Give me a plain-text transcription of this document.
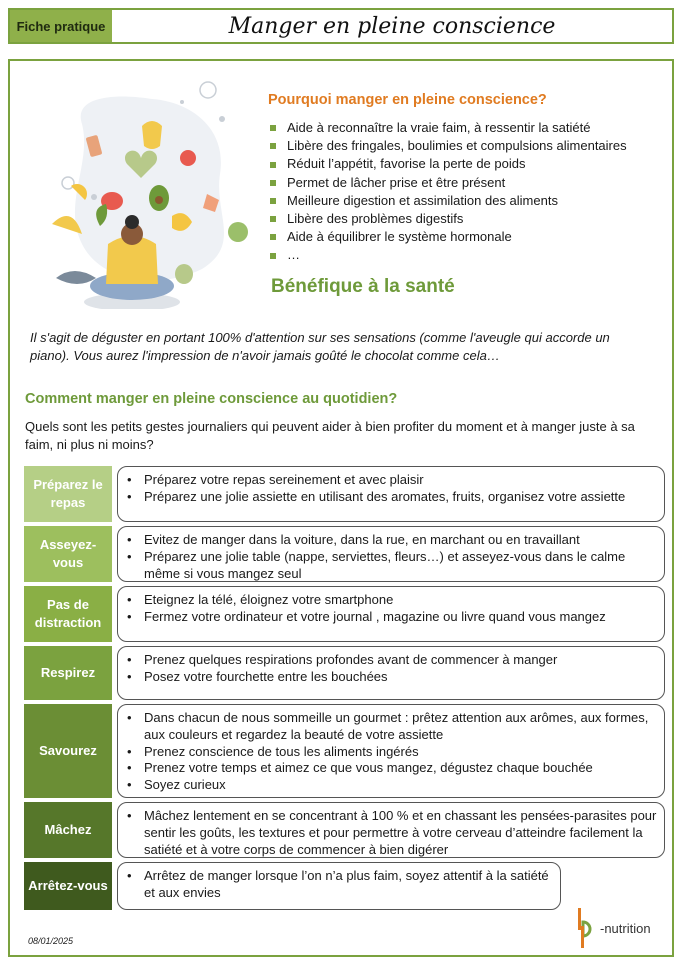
Fiche pratique	Manger en pleine conscience
Pourquoi manger en pleine conscience?
Aide à reconnaître la vraie faim, à ressentir la satiété
Libère des fringales, boulimies et compulsions alimentaires
Réduit l’appétit, favorise la perte de poids
Permet de lâcher prise et être présent
Meilleure digestion et assimilation des aliments
Libère des problèmes digestifs
Aide à équilibrer le système hormonale
…
Bénéfique à la santé

Il s'agit de déguster en portant 100% d'attention sur ses sensations (comme l'aveugle qui accorde un piano). Vous aurez l'impression de n'avoir jamais goûté le chocolat comme cela…

Comment manger en pleine conscience au quotidien?

Quels sont les petits gestes journaliers qui peuvent aider à bien profiter du moment et à manger juste à sa faim, ni plus ni moins?

Préparez le repas
• Préparez votre repas sereinement et avec plaisir
• Préparez une jolie assiette en utilisant des aromates, fruits, organisez votre assiette
Asseyez-vous
• Evitez de manger dans la voiture, dans la rue, en marchant ou en travaillant
• Préparez une jolie table (nappe, serviettes, fleurs…) et asseyez-vous dans le calme même si vous mangez seul
Pas de distraction
• Eteignez la télé, éloignez votre smartphone
• Fermez votre ordinateur et votre journal , magazine ou livre quand vous mangez
Respirez
• Prenez quelques respirations profondes avant de commencer à manger
• Posez votre fourchette entre les bouchées
Savourez
• Dans chacun de nous sommeille un gourmet : prêtez attention aux arômes, aux formes, aux couleurs et regardez la beauté de votre assiette
• Prenez conscience de tous les aliments ingérés
• Prenez votre temps et aimez ce que vous mangez, dégustez chaque bouchée
• Soyez curieux
Mâchez
• Mâchez lentement en se concentrant à 100 % et en chassant les pensées-parasites pour sentir les goûts, les textures et pour permettre à votre cerveau d’atteindre facilement la satiété et à votre corps de commencer à bien digérer
Arrêtez-vous
• Arrêtez de manger lorsque l’on n’a plus faim, soyez attentif à la satiété et aux envies
08/01/2025
-nutrition
